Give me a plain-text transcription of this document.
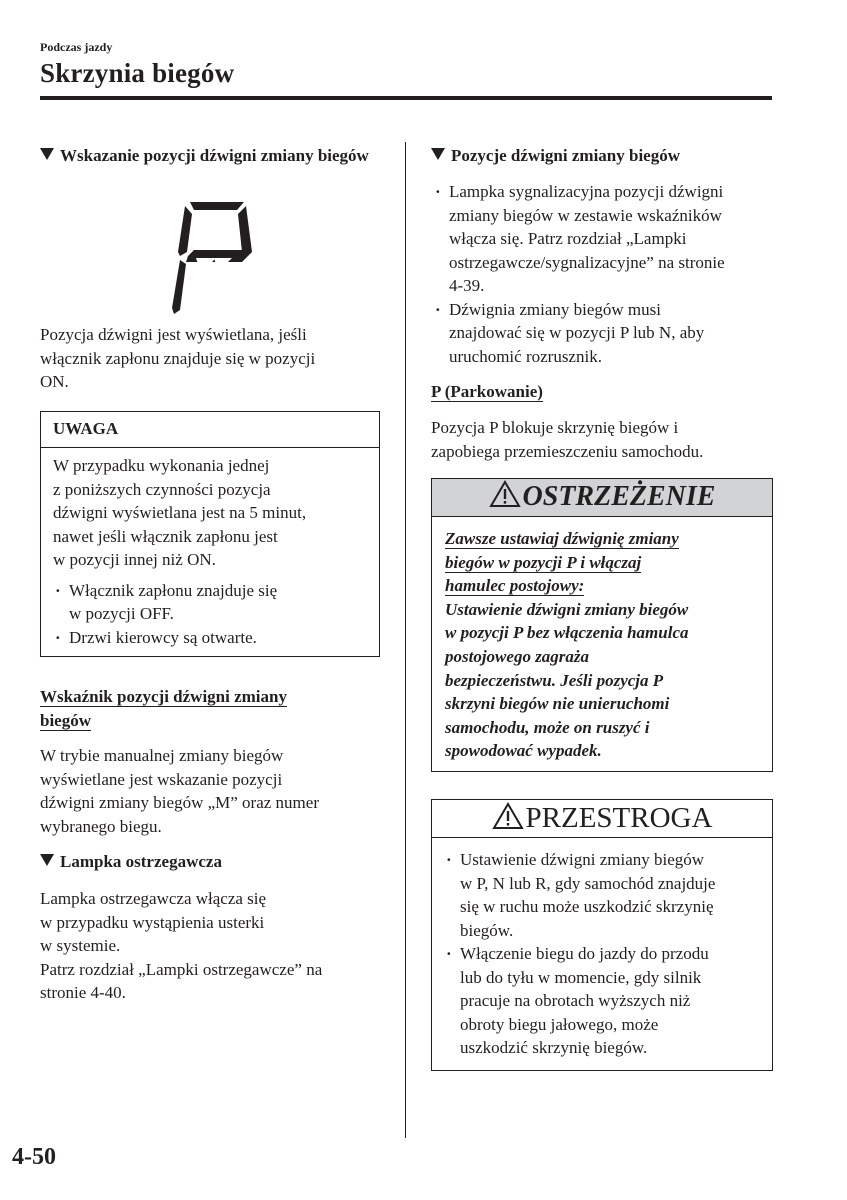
Podczas jazdy
Skrzynia biegów
Wskazanie pozycji dźwigni zmiany biegów
Pozycja dźwigni jest wyświetlana, jeśli
włącznik zapłonu znajduje się w pozycji
ON.
UWAGA
W przypadku wykonania jednej
z poniższych czynności pozycja
dźwigni wyświetlana jest na 5 minut,
nawet jeśli włącznik zapłonu jest
w pozycji innej niż ON.
· Włącznik zapłonu znajduje się
w pozycji OFF.
· Drzwi kierowcy są otwarte.
Wskaźnik pozycji dźwigni zmiany
biegów
W trybie manualnej zmiany biegów
wyświetlane jest wskazanie pozycji
dźwigni zmiany biegów „M” oraz numer
wybranego biegu.
Lampka ostrzegawcza
Lampka ostrzegawcza włącza się
w przypadku wystąpienia usterki
w systemie.
Patrz rozdział „Lampki ostrzegawcze” na
stronie 4-40.
Pozycje dźwigni zmiany biegów
· Lampka sygnalizacyjna pozycji dźwigni
zmiany biegów w zestawie wskaźników
włącza się. Patrz rozdział „Lampki
ostrzegawcze/sygnalizacyjne” na stronie
4-39.
· Dźwignia zmiany biegów musi
znajdować się w pozycji P lub N, aby
uruchomić rozrusznik.
P (Parkowanie)
Pozycja P blokuje skrzynię biegów i
zapobiega przemieszczeniu samochodu.
OSTRZEŻENIE
Zawsze ustawiaj dźwignię zmiany
biegów w pozycji P i włączaj
hamulec postojowy:
Ustawienie dźwigni zmiany biegów
w pozycji P bez włączenia hamulca
postojowego zagraża
bezpieczeństwu. Jeśli pozycja P
skrzyni biegów nie unieruchomi
samochodu, może on ruszyć i
spowodować wypadek.
PRZESTROGA
· Ustawienie dźwigni zmiany biegów
w P, N lub R, gdy samochód znajduje
się w ruchu może uszkodzić skrzynię
biegów.
· Włączenie biegu do jazdy do przodu
lub do tyłu w momencie, gdy silnik
pracuje na obrotach wyższych niż
obroty biegu jałowego, może
uszkodzić skrzynię biegów.
4-50
